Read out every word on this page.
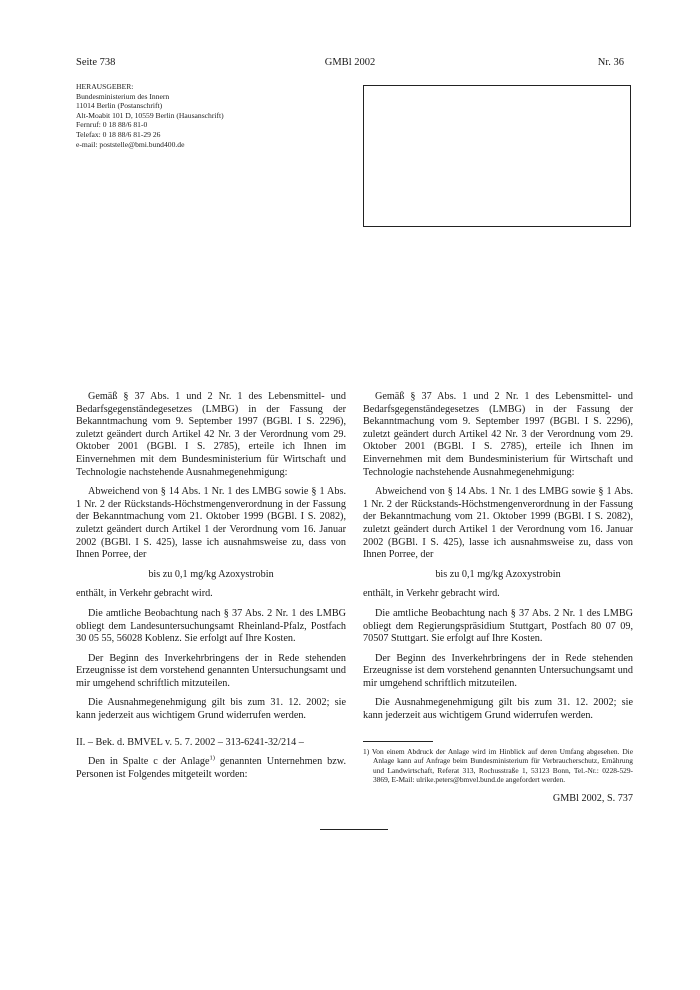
Seite 738	GMBl 2002	Nr. 36
HERAUSGEBER:
Bundesministerium des Innern
11014 Berlin (Postanschrift)
Alt-Moabit 101 D, 10559 Berlin (Hausanschrift)
Fernruf: 0 18 88/6 81-0
Telefax: 0 18 88/6 81-29 26
e-mail: poststelle@bmi.bund400.de

Gemäß § 37 Abs. 1 und 2 Nr. 1 des Lebensmittel- und Bedarfsgegenständegesetzes (LMBG) in der Fassung der Bekanntmachung vom 9. September 1997 (BGBl. I S. 2296), zuletzt geändert durch Artikel 42 Nr. 3 der Verordnung vom 29. Oktober 2001 (BGBl. I S. 2785), erteile ich Ihnen im Einvernehmen mit dem Bundesministerium für Wirtschaft und Technologie nachstehende Ausnahmegenehmigung:

Abweichend von § 14 Abs. 1 Nr. 1 des LMBG sowie § 1 Abs. 1 Nr. 2 der Rückstands-Höchstmengenverordnung in der Fassung der Bekanntmachung vom 21. Oktober 1999 (BGBl. I S. 2082), zuletzt geändert durch Artikel 1 der Verordnung vom 16. Januar 2002 (BGBl. I S. 425), lasse ich ausnahmsweise zu, dass von Ihnen Porree, der

bis zu 0,1 mg/kg Azoxystrobin

enthält, in Verkehr gebracht wird.

Die amtliche Beobachtung nach § 37 Abs. 2 Nr. 1 des LMBG obliegt dem Landesuntersuchungsamt Rheinland-Pfalz, Postfach 30 05 55, 56028 Koblenz. Sie erfolgt auf Ihre Kosten.

Der Beginn des Inverkehrbringens der in Rede stehenden Erzeugnisse ist dem vorstehend genannten Untersuchungsamt und mir umgehend schriftlich mitzuteilen.

Die Ausnahmegenehmigung gilt bis zum 31. 12. 2002; sie kann jederzeit aus wichtigem Grund widerrufen werden.

II. – Bek. d. BMVEL v. 5. 7. 2002 – 313-6241-32/214 –

Den in Spalte c der Anlage$^{1)}$ genannten Unternehmen bzw. Personen ist Folgendes mitgeteilt worden:

Gemäß § 37 Abs. 1 und 2 Nr. 1 des Lebensmittel- und Bedarfsgegenständegesetzes (LMBG) in der Fassung der Bekanntmachung vom 9. September 1997 (BGBl. I S. 2296), zuletzt geändert durch Artikel 42 Nr. 3 der Verordnung vom 29. Oktober 2001 (BGBl. I S. 2785), erteile ich Ihnen im Einvernehmen mit dem Bundesministerium für Wirtschaft und Technologie nachstehende Ausnahmegenehmigung:

Abweichend von § 14 Abs. 1 Nr. 1 des LMBG sowie § 1 Abs. 1 Nr. 2 der Rückstands-Höchstmengenverordnung in der Fassung der Bekanntmachung vom 21. Oktober 1999 (BGBl. I S. 2082), zuletzt geändert durch Artikel 1 der Verordnung vom 16. Januar 2002 (BGBl. I S. 425), lasse ich ausnahmsweise zu, dass von Ihnen Porree, der

bis zu 0,1 mg/kg Azoxystrobin

enthält, in Verkehr gebracht wird.

Die amtliche Beobachtung nach § 37 Abs. 2 Nr. 1 des LMBG obliegt dem Regierungspräsidium Stuttgart, Postfach 80 07 09, 70507 Stuttgart. Sie erfolgt auf Ihre Kosten.

Der Beginn des Inverkehrbringens der in Rede stehenden Erzeugnisse ist dem vorstehend genannten Untersuchungsamt und mir umgehend schriftlich mitzuteilen.

Die Ausnahmegenehmigung gilt bis zum 31. 12. 2002; sie kann jederzeit aus wichtigem Grund widerrufen werden.

1) Von einem Abdruck der Anlage wird im Hinblick auf deren Umfang abgesehen. Die Anlage kann auf Anfrage beim Bundesministerium für Verbraucherschutz, Ernährung und Landwirtschaft, Referat 313, Rochusstraße 1, 53123 Bonn, Tel.-Nr.: 0228-529-3869, E-Mail: ulrike.peters@bmvel.bund.de angefordert werden.
GMBl 2002, S. 737
